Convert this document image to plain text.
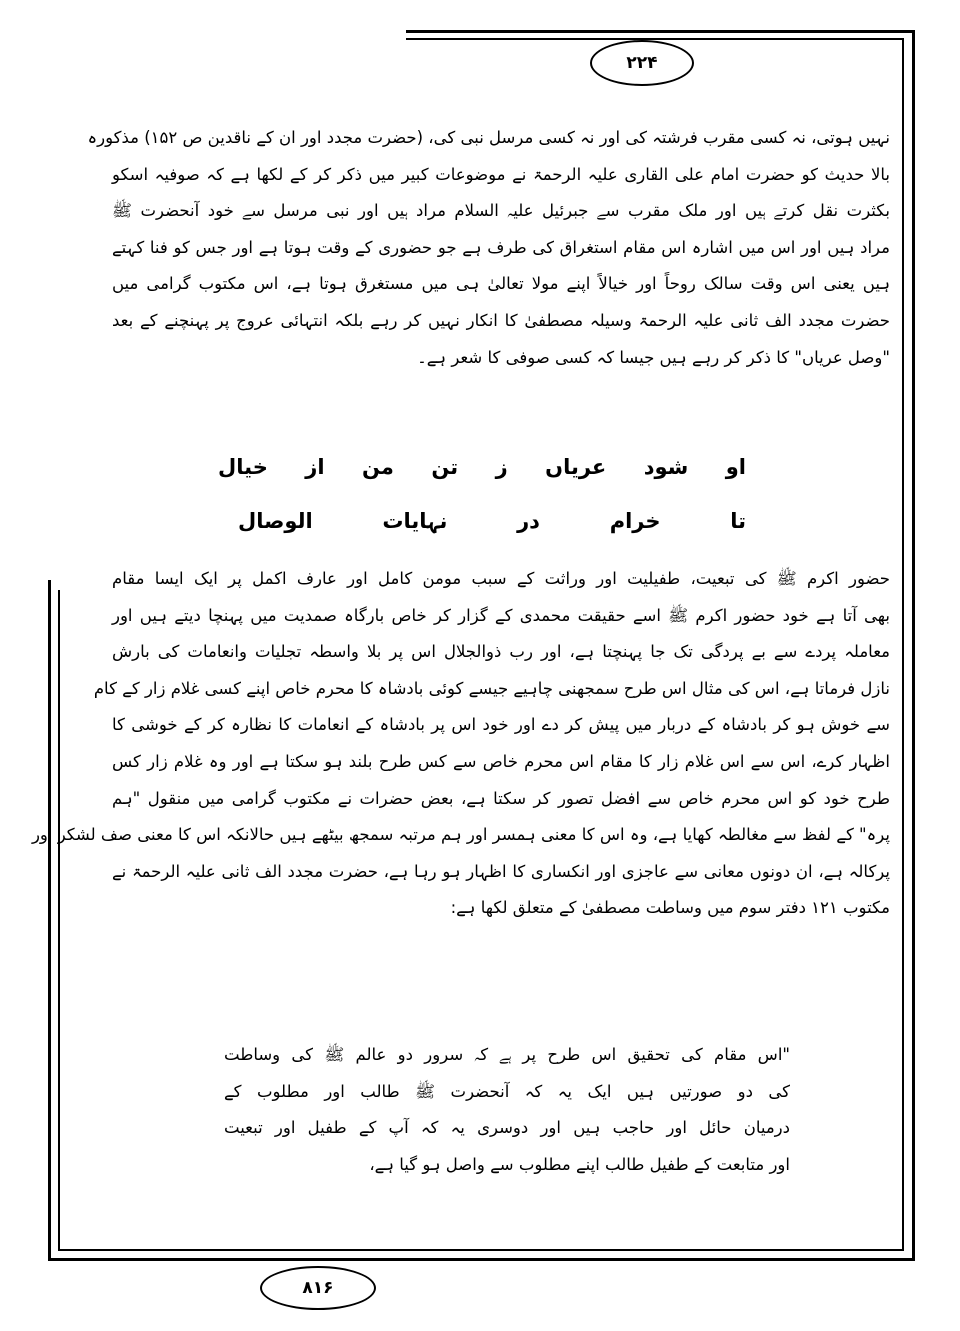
۲۲۴
۸۱۶
نہیں ہوتی، نہ کسی مقرب فرشتہ کی اور نہ کسی مرسل نبی کی، (حضرت مجدد اور ان کے ناقدین ص ۱۵۲) مذکورہ
بالا حدیث کو حضرت امام علی القاری علیہ الرحمۃ نے موضوعات کبیر میں ذکر کر کے لکھا ہے کہ صوفیہ اسکو
بکثرت نقل کرتے ہیں اور ملک مقرب سے جبرئیل علیہ السلام مراد ہیں اور نبی مرسل سے خود آنحضرت ﷺ
مراد ہیں اور اس میں اشارہ اس مقام استغراق کی طرف ہے جو حضوری کے وقت ہوتا ہے اور جس کو فنا کہتے
ہیں یعنی اس وقت سالک روحاً اور خیالاً اپنے مولا تعالیٰ ہی میں مستغرق ہوتا ہے، اس مکتوب گرامی میں
حضرت مجدد الف ثانی علیہ الرحمۃ وسیلہ مصطفیٰ کا انکار نہیں کر رہے بلکہ انتہائی عروج پر پہنچنے کے بعد
"وصل عریاں" کا ذکر کر رہے ہیں جیسا کہ کسی صوفی کا شعر ہے۔
او
شود
عریاں
ز
تن
من
از
خیال
تا
خرام
در
نہایات
الوصال
حضور اکرم ﷺ کی تبعیت، طفیلیت اور وراثت کے سبب مومن کامل اور عارف اکمل پر ایک ایسا مقام
بھی آتا ہے خود حضور اکرم ﷺ اسے حقیقت محمدی کے گزار کر خاص بارگاہ صمدیت میں پہنچا دیتے ہیں اور
معاملہ پردے سے بے پردگی تک جا پہنچتا ہے، اور رب ذوالجلال اس پر بلا واسطہ تجلیات وانعامات کی بارش
نازل فرماتا ہے، اس کی مثال اس طرح سمجھنی چاہیے جیسے کوئی بادشاہ کا محرم خاص اپنے کسی غلام زار کے کام
سے خوش ہو کر بادشاہ کے دربار میں پیش کر دے اور خود اس پر بادشاہ کے انعامات کا نظارہ کر کے خوشی کا
اظہار کرے، اس سے اس غلام زار کا مقام اس محرم خاص سے کس طرح بلند ہو سکتا ہے اور وہ غلام زار کس
طرح خود کو اس محرم خاص سے افضل تصور کر سکتا ہے، بعض حضرات نے مکتوب گرامی میں منقول "ہم
پرہ" کے لفظ سے مغالطہ کھایا ہے، وہ اس کا معنی ہمسر اور ہم مرتبہ سمجھ بیٹھے ہیں حالانکہ اس کا معنی صف لشکر اور
پرکالہ ہے، ان دونوں معانی سے عاجزی اور انکساری کا اظہار ہو رہا ہے، حضرت مجدد الف ثانی علیہ الرحمۃ نے
مکتوب ۱۲۱ دفتر سوم میں وساطت مصطفیٰ کے متعلق لکھا ہے:
"اس مقام کی تحقیق اس طرح پر ہے کہ سرور دو عالم ﷺ کی وساطت
کی دو صورتیں ہیں ایک یہ کہ آنحضرت ﷺ طالب اور مطلوب کے
درمیان حائل اور حاجب ہیں اور دوسری یہ کہ آپ کے طفیل اور تبعیت
اور متابعت کے طفیل طالب اپنے مطلوب سے واصل ہو گیا ہے،
